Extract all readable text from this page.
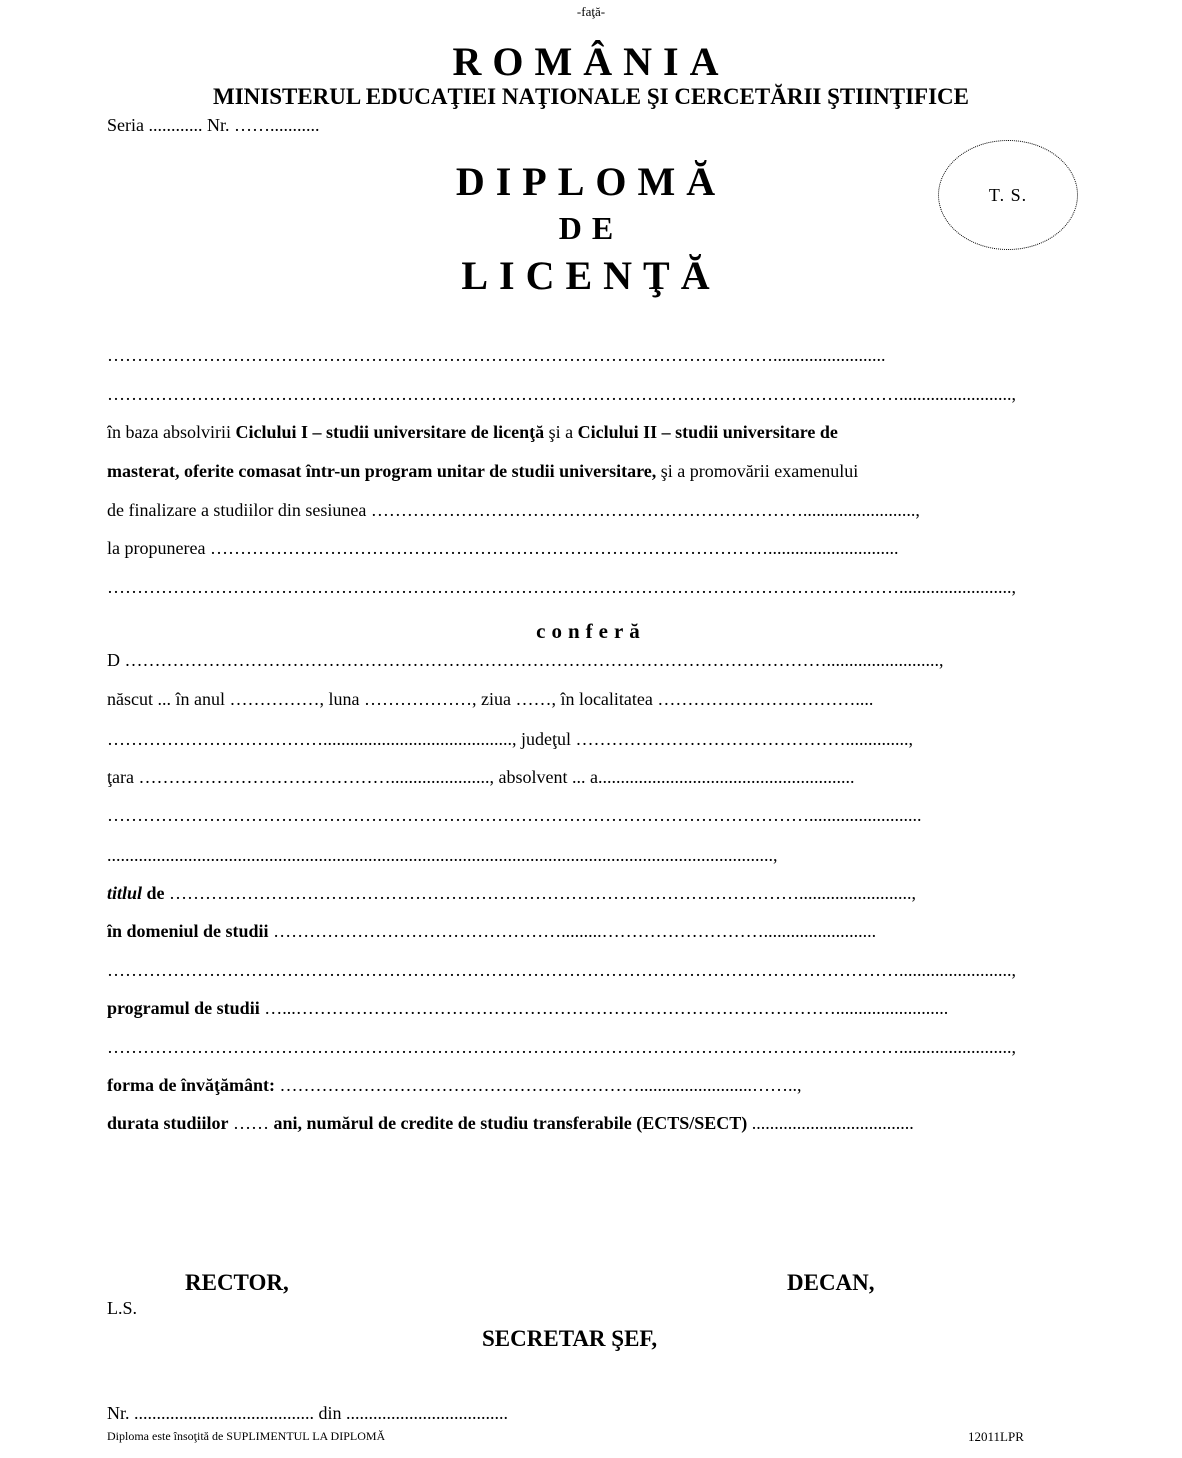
-faţă-
ROMÂNIA
MINISTERUL EDUCAŢIEI NAŢIONALE ŞI CERCETĂRII ŞTIINŢIFICE
Seria ............ Nr. ……...........
DIPLOMĂ
DE
LICENŢĂ
T. S.
………………………………………………………………………………………………….........................
…………………………………………………………………………………………………………………….........................,
în baza absolvirii Ciclului I – studii universitare de licenţă şi a Ciclului II – studii universitare de
masterat, oferite comasat într-un program unitar de studii universitare, şi a promovării examenului
de finalizare a studiilor din sesiunea ……………………………………………………………….........................,
la propunerea ………………………………………………………………………………….............................
…………………………………………………………………………………………………………………….........................,
conferă
D ……………………………………………………………………………………………………….........................,
născut ... în anul ……………, luna ………………, ziua ……, în localitatea ……………………………....
……………………………….........................................., judeţul ………………………………………..............,
ţara ……………………………………......................, absolvent ... a.........................................................
……………………………………………………………………………………………………….........................
....................................................................................................................................................,
titlul de …………………………………………………………………………………………….........................,
în domeniul de studii ………………………………………….........……………………….........................
…………………………………………………………………………………………………………………….........................,
programul de studii …...……………………………………………………………………………….........................
…………………………………………………………………………………………………………………….........................,
forma de învăţământ: …………………………………………………….........................……..,
durata studiilor …… ani, numărul de credite de studiu transferabile (ECTS/SECT) ....................................
RECTOR,	DECAN,
L.S.
SECRETAR ŞEF,
Nr. ........................................ din ....................................
Diploma este însoţită de SUPLIMENTUL LA DIPLOMĂ	12011LPR
